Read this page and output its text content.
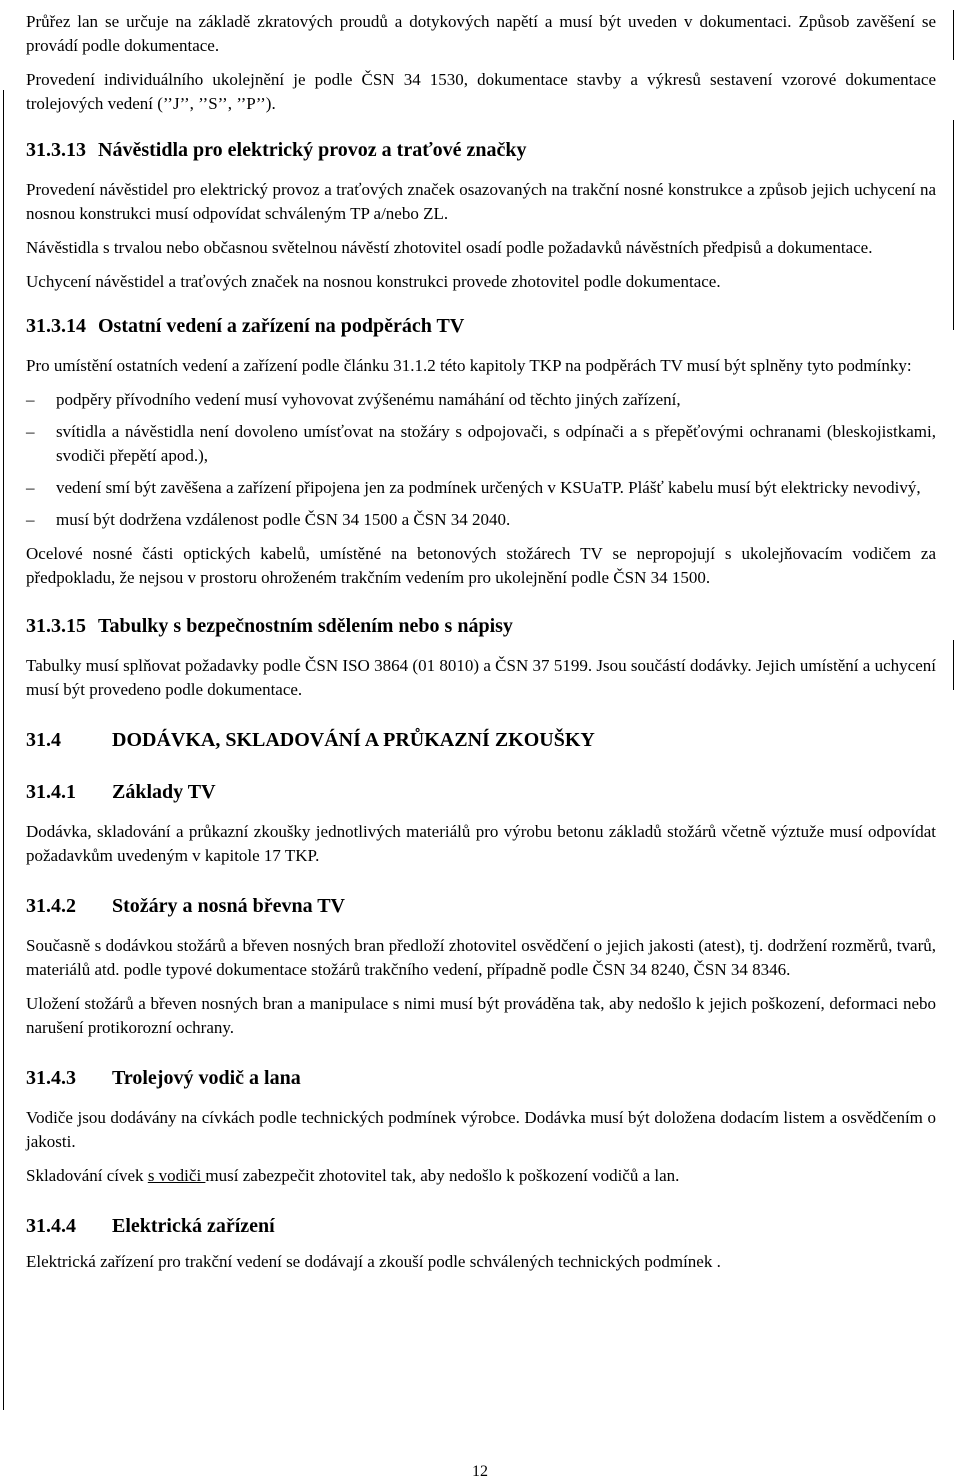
Průřez lan se určuje na základě zkratových proudů a dotykových napětí a musí být uveden v dokumentaci. Způsob zavěšení se provádí podle dokumentace.

Provedení individuálního ukolejnění je podle ČSN 34 1530, dokumentace stavby a výkresů sestavení vzorové dokumentace trolejových vedení (’’J’’, ’’S’’, ’’P’’).

31.3.13 Návěstidla pro elektrický provoz a traťové značky

Provedení návěstidel pro elektrický provoz a traťových značek osazovaných na trakční nosné konstrukce a způsob jejich uchycení na nosnou konstrukci musí odpovídat schváleným TP a/nebo ZL.

Návěstidla s trvalou nebo občasnou světelnou návěstí zhotovitel osadí podle požadavků návěstních předpisů a dokumentace.

Uchycení návěstidel a traťových značek na nosnou konstrukci provede zhotovitel podle dokumentace.

31.3.14 Ostatní vedení a zařízení na podpěrách TV

Pro umístění ostatních vedení a zařízení podle článku 31.1.2 této kapitoly TKP na podpěrách TV musí být splněny tyto podmínky:

– podpěry přívodního vedení musí vyhovovat zvýšenému namáhání od těchto jiných zařízení,
– svítidla a návěstidla není dovoleno umísťovat na stožáry s odpojovači, s odpínači a s přepěťovými ochranami (bleskojistkami, svodiči přepětí apod.),
– vedení smí být zavěšena a zařízení připojena jen za podmínek určených v KSUaTP. Plášť kabelu musí být elektricky nevodivý,
– musí být dodržena vzdálenost podle ČSN 34 1500 a ČSN 34 2040.

Ocelové nosné části optických kabelů, umístěné na betonových stožárech TV se nepropojují s ukolejňovacím vodičem za předpokladu, že nejsou v prostoru ohroženém trakčním vedením pro ukolejnění podle ČSN 34 1500.

31.3.15 Tabulky s bezpečnostním sdělením nebo s nápisy

Tabulky musí splňovat požadavky podle ČSN ISO 3864 (01 8010) a ČSN 37 5199. Jsou součástí dodávky. Jejich umístění a uchycení musí být provedeno podle dokumentace.

31.4	DODÁVKA, SKLADOVÁNÍ A PRŮKAZNÍ ZKOUŠKY
31.4.1 Základy TV

Dodávka, skladování a průkazní zkoušky jednotlivých materiálů pro výrobu betonu základů stožárů včetně výztuže musí odpovídat požadavkům uvedeným v kapitole 17 TKP.

31.4.2 Stožáry a nosná břevna TV

Současně s dodávkou stožárů a břeven nosných bran předloží zhotovitel osvědčení o jejich jakosti (atest), tj. dodržení rozměrů, tvarů, materiálů atd. podle typové dokumentace stožárů trakčního vedení, případně podle ČSN 34 8240, ČSN 34 8346.

Uložení stožárů a břeven nosných bran a manipulace s nimi musí být prováděna tak, aby nedošlo k jejich poškození, deformaci nebo narušení protikorozní ochrany.

31.4.3 Trolejový vodič a lana

Vodiče jsou dodávány na cívkách podle technických podmínek výrobce. Dodávka musí být doložena dodacím listem a osvědčením o jakosti.

Skladování cívek s vodiči musí zabezpečit zhotovitel tak, aby nedošlo k poškození vodičů a lan.

31.4.4 Elektrická zařízení

Elektrická zařízení pro trakční vedení se dodávají a zkouší podle schválených technických podmínek .

12
